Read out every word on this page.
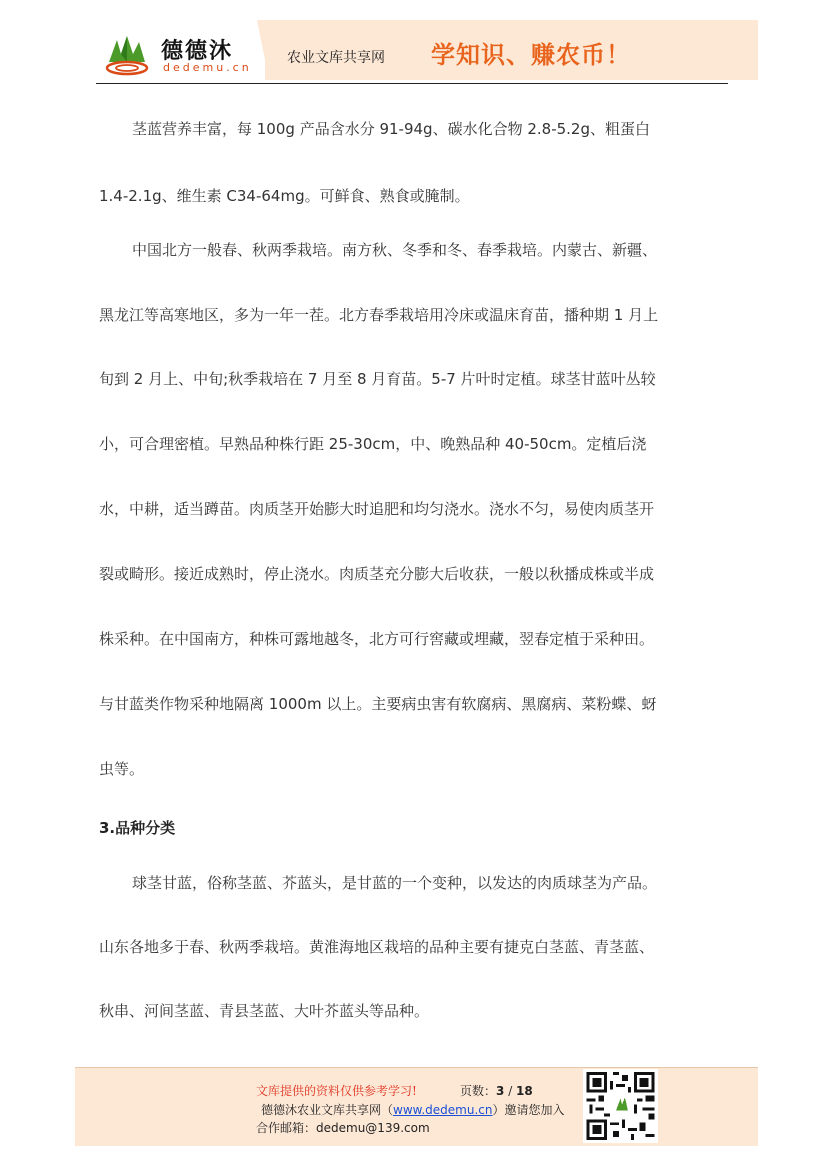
德德沐
dedemu.cn
农业文库共享网 学知识、赚农币！
茎蓝营养丰富，每 100g 产品含水分 91-94g、碳水化合物 2.8-5.2g、粗蛋白
1.4-2.1g、维生素 C34-64mg。可鲜食、熟食或腌制。
中国北方一般春、秋两季栽培。南方秋、冬季和冬、春季栽培。内蒙古、新疆、
黑龙江等高寒地区，多为一年一茬。北方春季栽培用冷床或温床育苗，播种期 1 月上
旬到 2 月上、中旬;秋季栽培在 7 月至 8 月育苗。5-7 片叶时定植。球茎甘蓝叶丛较
小，可合理密植。早熟品种株行距 25-30cm，中、晚熟品种 40-50cm。定植后浇
水，中耕，适当蹲苗。肉质茎开始膨大时追肥和均匀浇水。浇水不匀，易使肉质茎开
裂或畸形。接近成熟时，停止浇水。肉质茎充分膨大后收获，一般以秋播成株或半成
株采种。在中国南方，种株可露地越冬，北方可行窖藏或埋藏，翌春定植于采种田。
与甘蓝类作物采种地隔离 1000m 以上。主要病虫害有软腐病、黑腐病、菜粉蝶、蚜
虫等。
3.品种分类
球茎甘蓝，俗称茎蓝、芥蓝头，是甘蓝的一个变种，以发达的肉质球茎为产品。
山东各地多于春、秋两季栽培。黄淮海地区栽培的品种主要有捷克白茎蓝、青茎蓝、
秋串、河间茎蓝、青县茎蓝、大叶芥蓝头等品种。
文库提供的资料仅供参考学习!	页数：3 / 18
德德沐农业文库共享网（www.dedemu.cn）邀请您加入
合作邮箱：dedemu@139.com
